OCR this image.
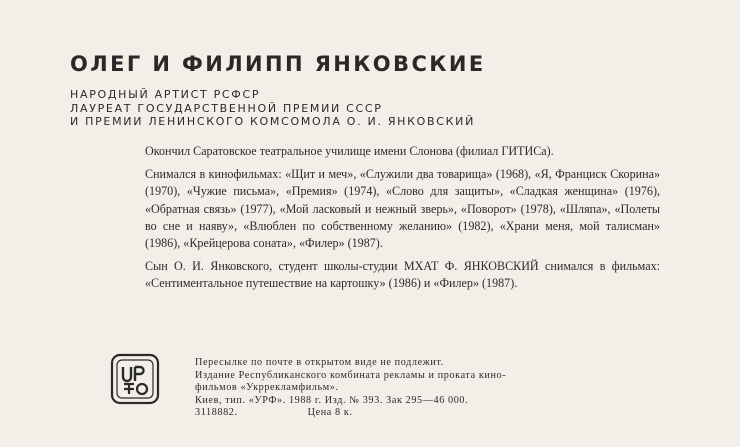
ОЛЕГ И ФИЛИПП ЯНКОВСКИЕ
НАРОДНЫЙ АРТИСТ РСФСР
ЛАУРЕАТ ГОСУДАРСТВЕННОЙ ПРЕМИИ СССР
И ПРЕМИИ ЛЕНИНСКОГО КОМСОМОЛА О. И. ЯНКОВСКИЙ

Окончил Саратовское театральное училище имени Слонова (филиал ГИТИСа).

Снимался в кинофильмах: «Щит и меч», «Служили два товарища» (1968), «Я, Франциск Скорина» (1970), «Чужие письма», «Премия» (1974), «Слово для защиты», «Сладкая женщина» (1976), «Обратная связь» (1977), «Мой ласковый и нежный зверь», «Поворот» (1978), «Шляпа», «Полеты во сне и наяву», «Влюблен по собственному желанию» (1982), «Храни меня, мой талисман» (1986), «Крейцерова соната», «Филер» (1987).

Сын О. И. Янковского, студент школы-студии МХАТ Ф. ЯНКОВСКИЙ снимался в фильмах: «Сентиментальное путешествие на картошку» (1986) и «Филер» (1987).

Пересылке по почте в открытом виде не подлежит.
Издание Республиканского комбината рекламы и проката кино-
фильмов «Укррекламфильм».
Киев, тип. «УРФ». 1988 г. Изд. № 393. Зак 295—46 000.
3118882.	Цена 8 к.
